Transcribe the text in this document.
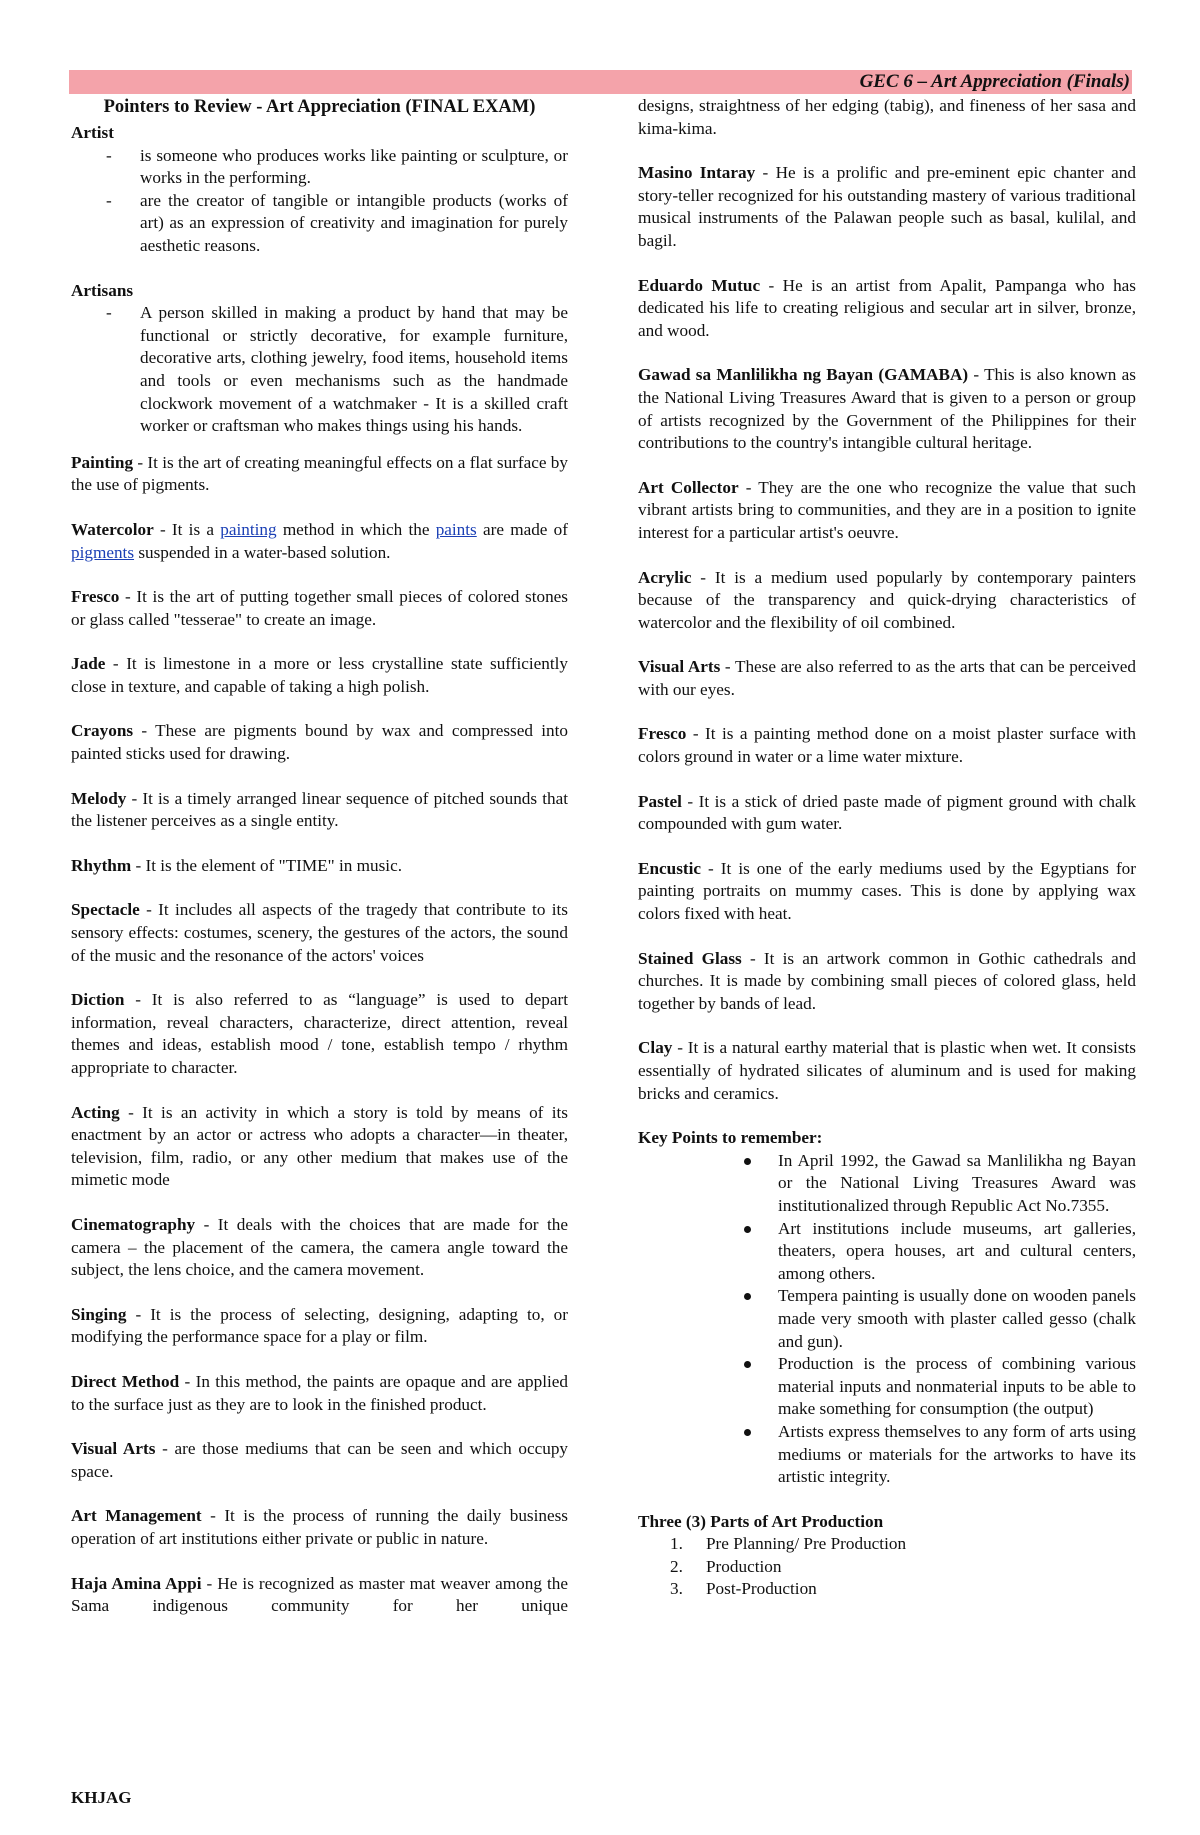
GEC 6 – Art Appreciation (Finals)
Pointers to Review - Art Appreciation (FINAL EXAM)
Artist
- is someone who produces works like painting or sculpture, or works in the performing.
- are the creator of tangible or intangible products (works of art) as an expression of creativity and imagination for purely aesthetic reasons.
Artisans
- A person skilled in making a product by hand that may be functional or strictly decorative, for example furniture, decorative arts, clothing jewelry, food items, household items and tools or even mechanisms such as the handmade clockwork movement of a watchmaker - It is a skilled craft worker or craftsman who makes things using his hands.
Painting - It is the art of creating meaningful effects on a flat surface by the use of pigments.
Watercolor - It is a painting method in which the paints are made of pigments suspended in a water-based solution.
Fresco - It is the art of putting together small pieces of colored stones or glass called "tesserae" to create an image.
Jade - It is limestone in a more or less crystalline state sufficiently close in texture, and capable of taking a high polish.
Crayons - These are pigments bound by wax and compressed into painted sticks used for drawing.
Melody - It is a timely arranged linear sequence of pitched sounds that the listener perceives as a single entity.
Rhythm - It is the element of "TIME" in music.
Spectacle - It includes all aspects of the tragedy that contribute to its sensory effects: costumes, scenery, the gestures of the actors, the sound of the music and the resonance of the actors' voices
Diction - It is also referred to as “language” is used to depart information, reveal characters, characterize, direct attention, reveal themes and ideas, establish mood / tone, establish tempo / rhythm appropriate to character.
Acting - It is an activity in which a story is told by means of its enactment by an actor or actress who adopts a character—in theater, television, film, radio, or any other medium that makes use of the mimetic mode
Cinematography - It deals with the choices that are made for the camera – the placement of the camera, the camera angle toward the subject, the lens choice, and the camera movement.
Singing - It is the process of selecting, designing, adapting to, or modifying the performance space for a play or film.
Direct Method - In this method, the paints are opaque and are applied to the surface just as they are to look in the finished product.
Visual Arts - are those mediums that can be seen and which occupy space.
Art Management - It is the process of running the daily business operation of art institutions either private or public in nature.
Haja Amina Appi - He is recognized as master mat weaver among the Sama indigenous community for her unique
designs, straightness of her edging (tabig), and fineness of her sasa and kima-kima.
Masino Intaray - He is a prolific and pre-eminent epic chanter and story-teller recognized for his outstanding mastery of various traditional musical instruments of the Palawan people such as basal, kulilal, and bagil.
Eduardo Mutuc - He is an artist from Apalit, Pampanga who has dedicated his life to creating religious and secular art in silver, bronze, and wood.
Gawad sa Manlilikha ng Bayan (GAMABA) - This is also known as the National Living Treasures Award that is given to a person or group of artists recognized by the Government of the Philippines for their contributions to the country's intangible cultural heritage.
Art Collector - They are the one who recognize the value that such vibrant artists bring to communities, and they are in a position to ignite interest for a particular artist's oeuvre.
Acrylic - It is a medium used popularly by contemporary painters because of the transparency and quick-drying characteristics of watercolor and the flexibility of oil combined.
Visual Arts - These are also referred to as the arts that can be perceived with our eyes.
Fresco - It is a painting method done on a moist plaster surface with colors ground in water or a lime water mixture.
Pastel - It is a stick of dried paste made of pigment ground with chalk compounded with gum water.
Encustic - It is one of the early mediums used by the Egyptians for painting portraits on mummy cases. This is done by applying wax colors fixed with heat.
Stained Glass - It is an artwork common in Gothic cathedrals and churches. It is made by combining small pieces of colored glass, held together by bands of lead.
Clay - It is a natural earthy material that is plastic when wet. It consists essentially of hydrated silicates of aluminum and is used for making bricks and ceramics.
Key Points to remember:
In April 1992, the Gawad sa Manlilikha ng Bayan or the National Living Treasures Award was institutionalized through Republic Act No.7355.
Art institutions include museums, art galleries, theaters, opera houses, art and cultural centers, among others.
Tempera painting is usually done on wooden panels made very smooth with plaster called gesso (chalk and gun).
Production is the process of combining various material inputs and nonmaterial inputs to be able to make something for consumption (the output)
Artists express themselves to any form of arts using mediums or materials for the artworks to have its artistic integrity.
Three (3) Parts of Art Production
1. Pre Planning/ Pre Production
2. Production
3. Post-Production
KHJAG
